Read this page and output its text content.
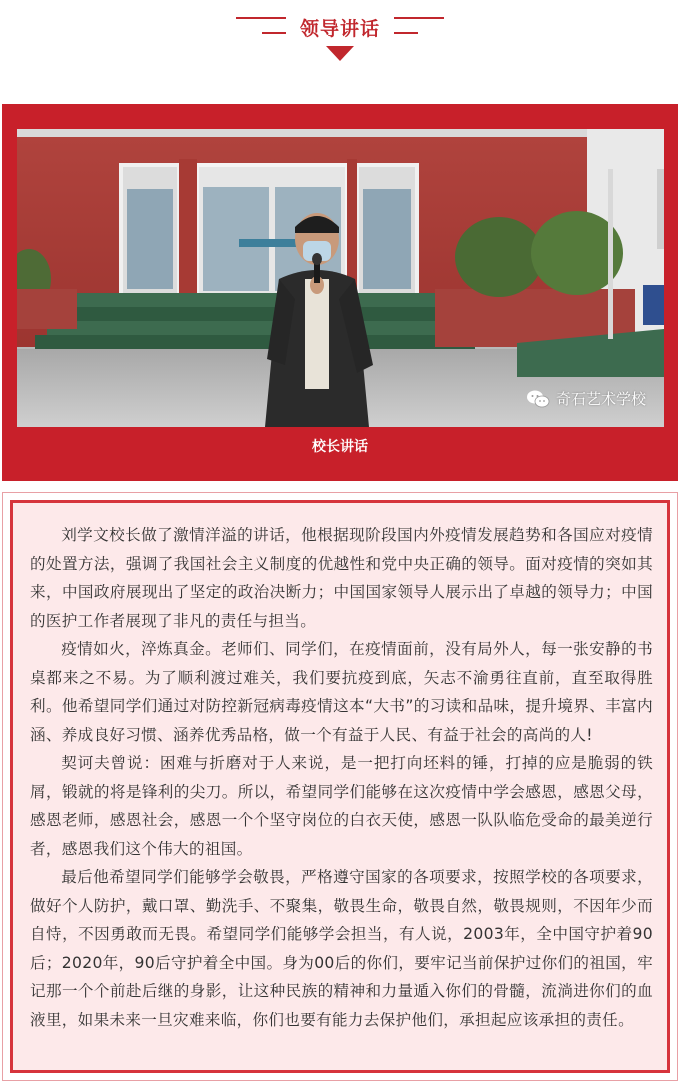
领导讲话
奇石艺术学校
校长讲话

刘学文校长做了激情洋溢的讲话，他根据现阶段国内外疫情发展趋势和各国应对疫情的处置方法，强调了我国社会主义制度的优越性和党中央正确的领导。面对疫情的突如其来，中国政府展现出了坚定的政治决断力；中国国家领导人展示出了卓越的领导力；中国的医护工作者展现了非凡的责任与担当。

疫情如火，淬炼真金。老师们、同学们，在疫情面前，没有局外人，每一张安静的书桌都来之不易。为了顺利渡过难关，我们要抗疫到底，矢志不渝勇往直前，直至取得胜利。他希望同学们通过对防控新冠病毒疫情这本“大书”的习读和品味，提升境界、丰富内涵、养成良好习惯、涵养优秀品格，做一个有益于人民、有益于社会的高尚的人!

契诃夫曾说：困难与折磨对于人来说，是一把打向坯料的锤，打掉的应是脆弱的铁屑，锻就的将是锋利的尖刀。所以，希望同学们能够在这次疫情中学会感恩，感恩父母，感恩老师，感恩社会，感恩一个个坚守岗位的白衣天使，感恩一队队临危受命的最美逆行者，感恩我们这个伟大的祖国。

最后他希望同学们能够学会敬畏，严格遵守国家的各项要求，按照学校的各项要求，做好个人防护，戴口罩、勤洗手、不聚集，敬畏生命，敬畏自然，敬畏规则，不因年少而自恃，不因勇敢而无畏。希望同学们能够学会担当，有人说，2003年，全中国守护着90后；2020年，90后守护着全中国。身为00后的你们，要牢记当前保护过你们的祖国，牢记那一个个前赴后继的身影，让这种民族的精神和力量遁入你们的骨髓，流淌进你们的血液里，如果未来一旦灾难来临，你们也要有能力去保护他们，承担起应该承担的责任。
